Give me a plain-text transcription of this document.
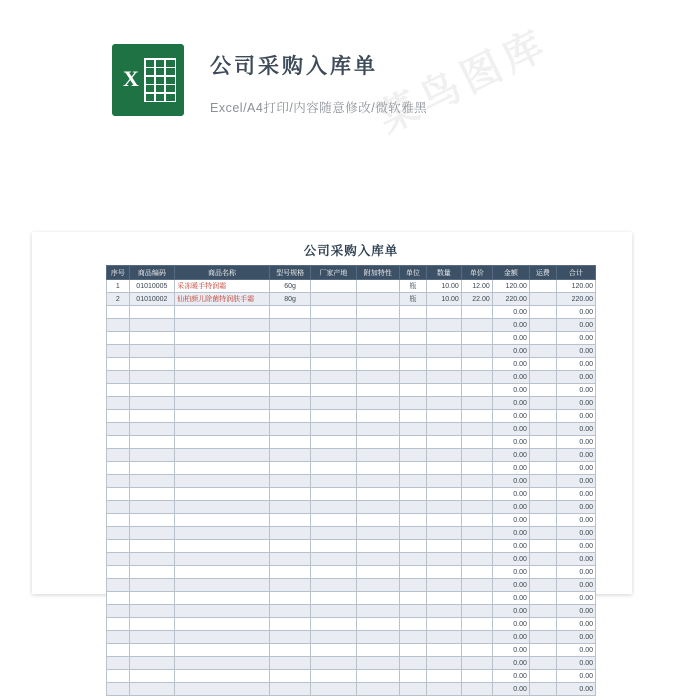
X	公司采购入库单
Excel/A4打印/内容随意修改/微软雅黑
菜鸟图库
公司采购入库单
序号	商品编码	商品名称	型号规格	厂家产地	附加特性	单位	数量	单价	金额	运费	合计
1	01010005	采冻暖手特润霜	60g			瓶	10.00	12.00	120.00		120.00
2	01010002	仙柏颜儿除菌特润肤手霜	80g			瓶	10.00	22.00	220.00		220.00
									0.00		0.00
									0.00		0.00
									0.00		0.00
									0.00		0.00
									0.00		0.00
									0.00		0.00
									0.00		0.00
									0.00		0.00
									0.00		0.00
									0.00		0.00
									0.00		0.00
									0.00		0.00
									0.00		0.00
									0.00		0.00
									0.00		0.00
									0.00		0.00
									0.00		0.00
									0.00		0.00
									0.00		0.00
									0.00		0.00
									0.00		0.00
									0.00		0.00
									0.00		0.00
									0.00		0.00
									0.00		0.00
									0.00		0.00
									0.00		0.00
									0.00		0.00
									0.00		0.00
									0.00		0.00
